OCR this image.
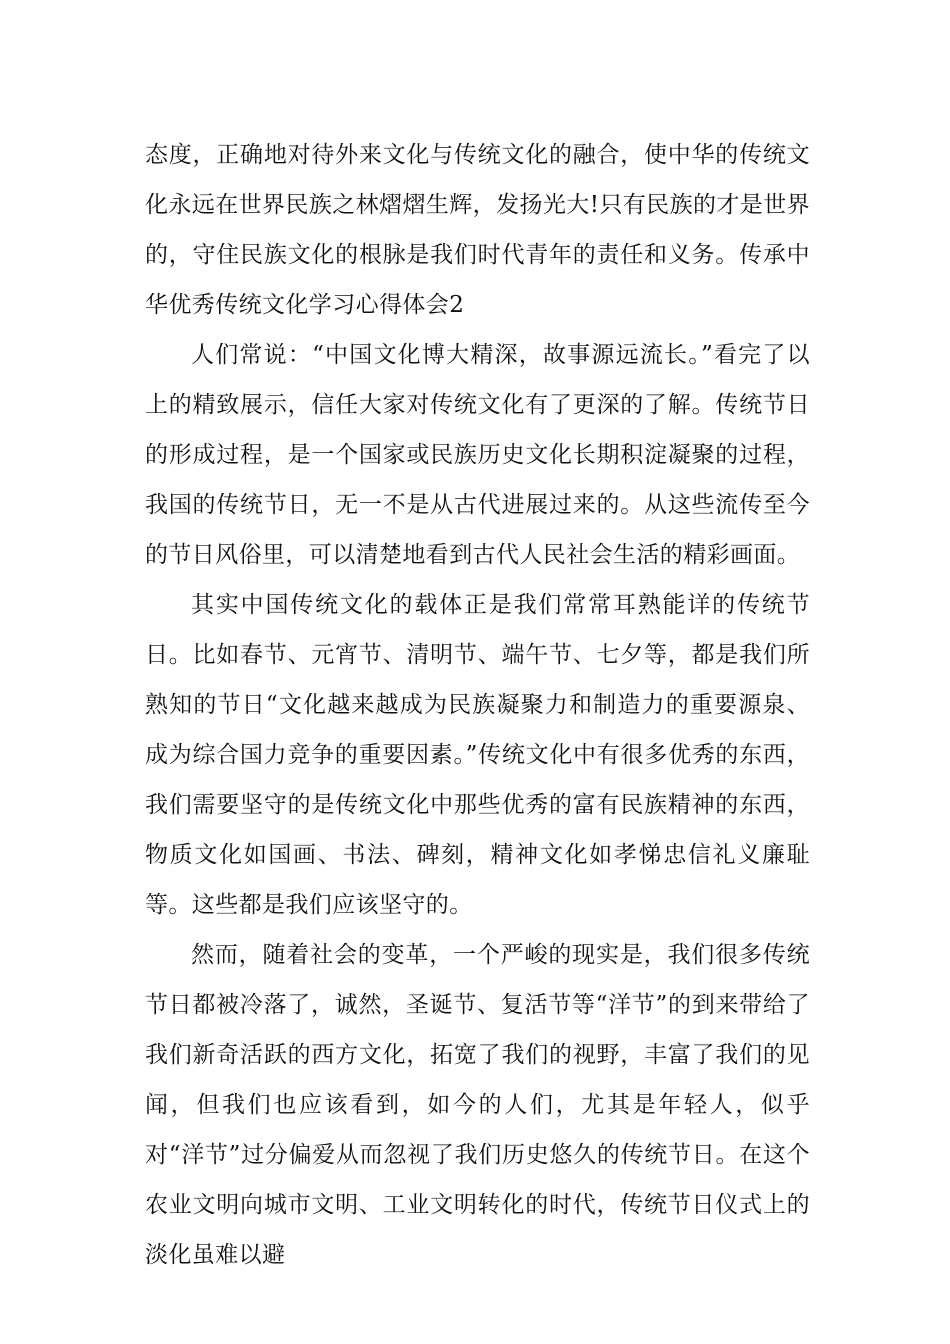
态度，正确地对待外来文化与传统文化的融合，使中华的传统文化永远在世界民族之林熠熠生辉，发扬光大!只有民族的才是世界的，守住民族文化的根脉是我们时代青年的责任和义务。传承中华优秀传统文化学习心得体会2

人们常说：“中国文化博大精深，故事源远流长。”看完了以上的精致展示，信任大家对传统文化有了更深的了解。传统节日的形成过程，是一个国家或民族历史文化长期积淀凝聚的过程，我国的传统节日，无一不是从古代进展过来的。从这些流传至今的节日风俗里，可以清楚地看到古代人民社会生活的精彩画面。

其实中国传统文化的载体正是我们常常耳熟能详的传统节日。比如春节、元宵节、清明节、端午节、七夕等，都是我们所熟知的节日“文化越来越成为民族凝聚力和制造力的重要源泉、成为综合国力竞争的重要因素。”传统文化中有很多优秀的东西，我们需要坚守的是传统文化中那些优秀的富有民族精神的东西，物质文化如国画、书法、碑刻，精神文化如孝悌忠信礼义廉耻等。这些都是我们应该坚守的。

然而，随着社会的变革，一个严峻的现实是，我们很多传统节日都被冷落了，诚然，圣诞节、复活节等“洋节”的到来带给了我们新奇活跃的西方文化，拓宽了我们的视野，丰富了我们的见闻，但我们也应该看到，如今的人们，尤其是年轻人，似乎对“洋节”过分偏爱从而忽视了我们历史悠久的传统节日。在这个农业文明向城市文明、工业文明转化的时代，传统节日仪式上的淡化虽难以避
